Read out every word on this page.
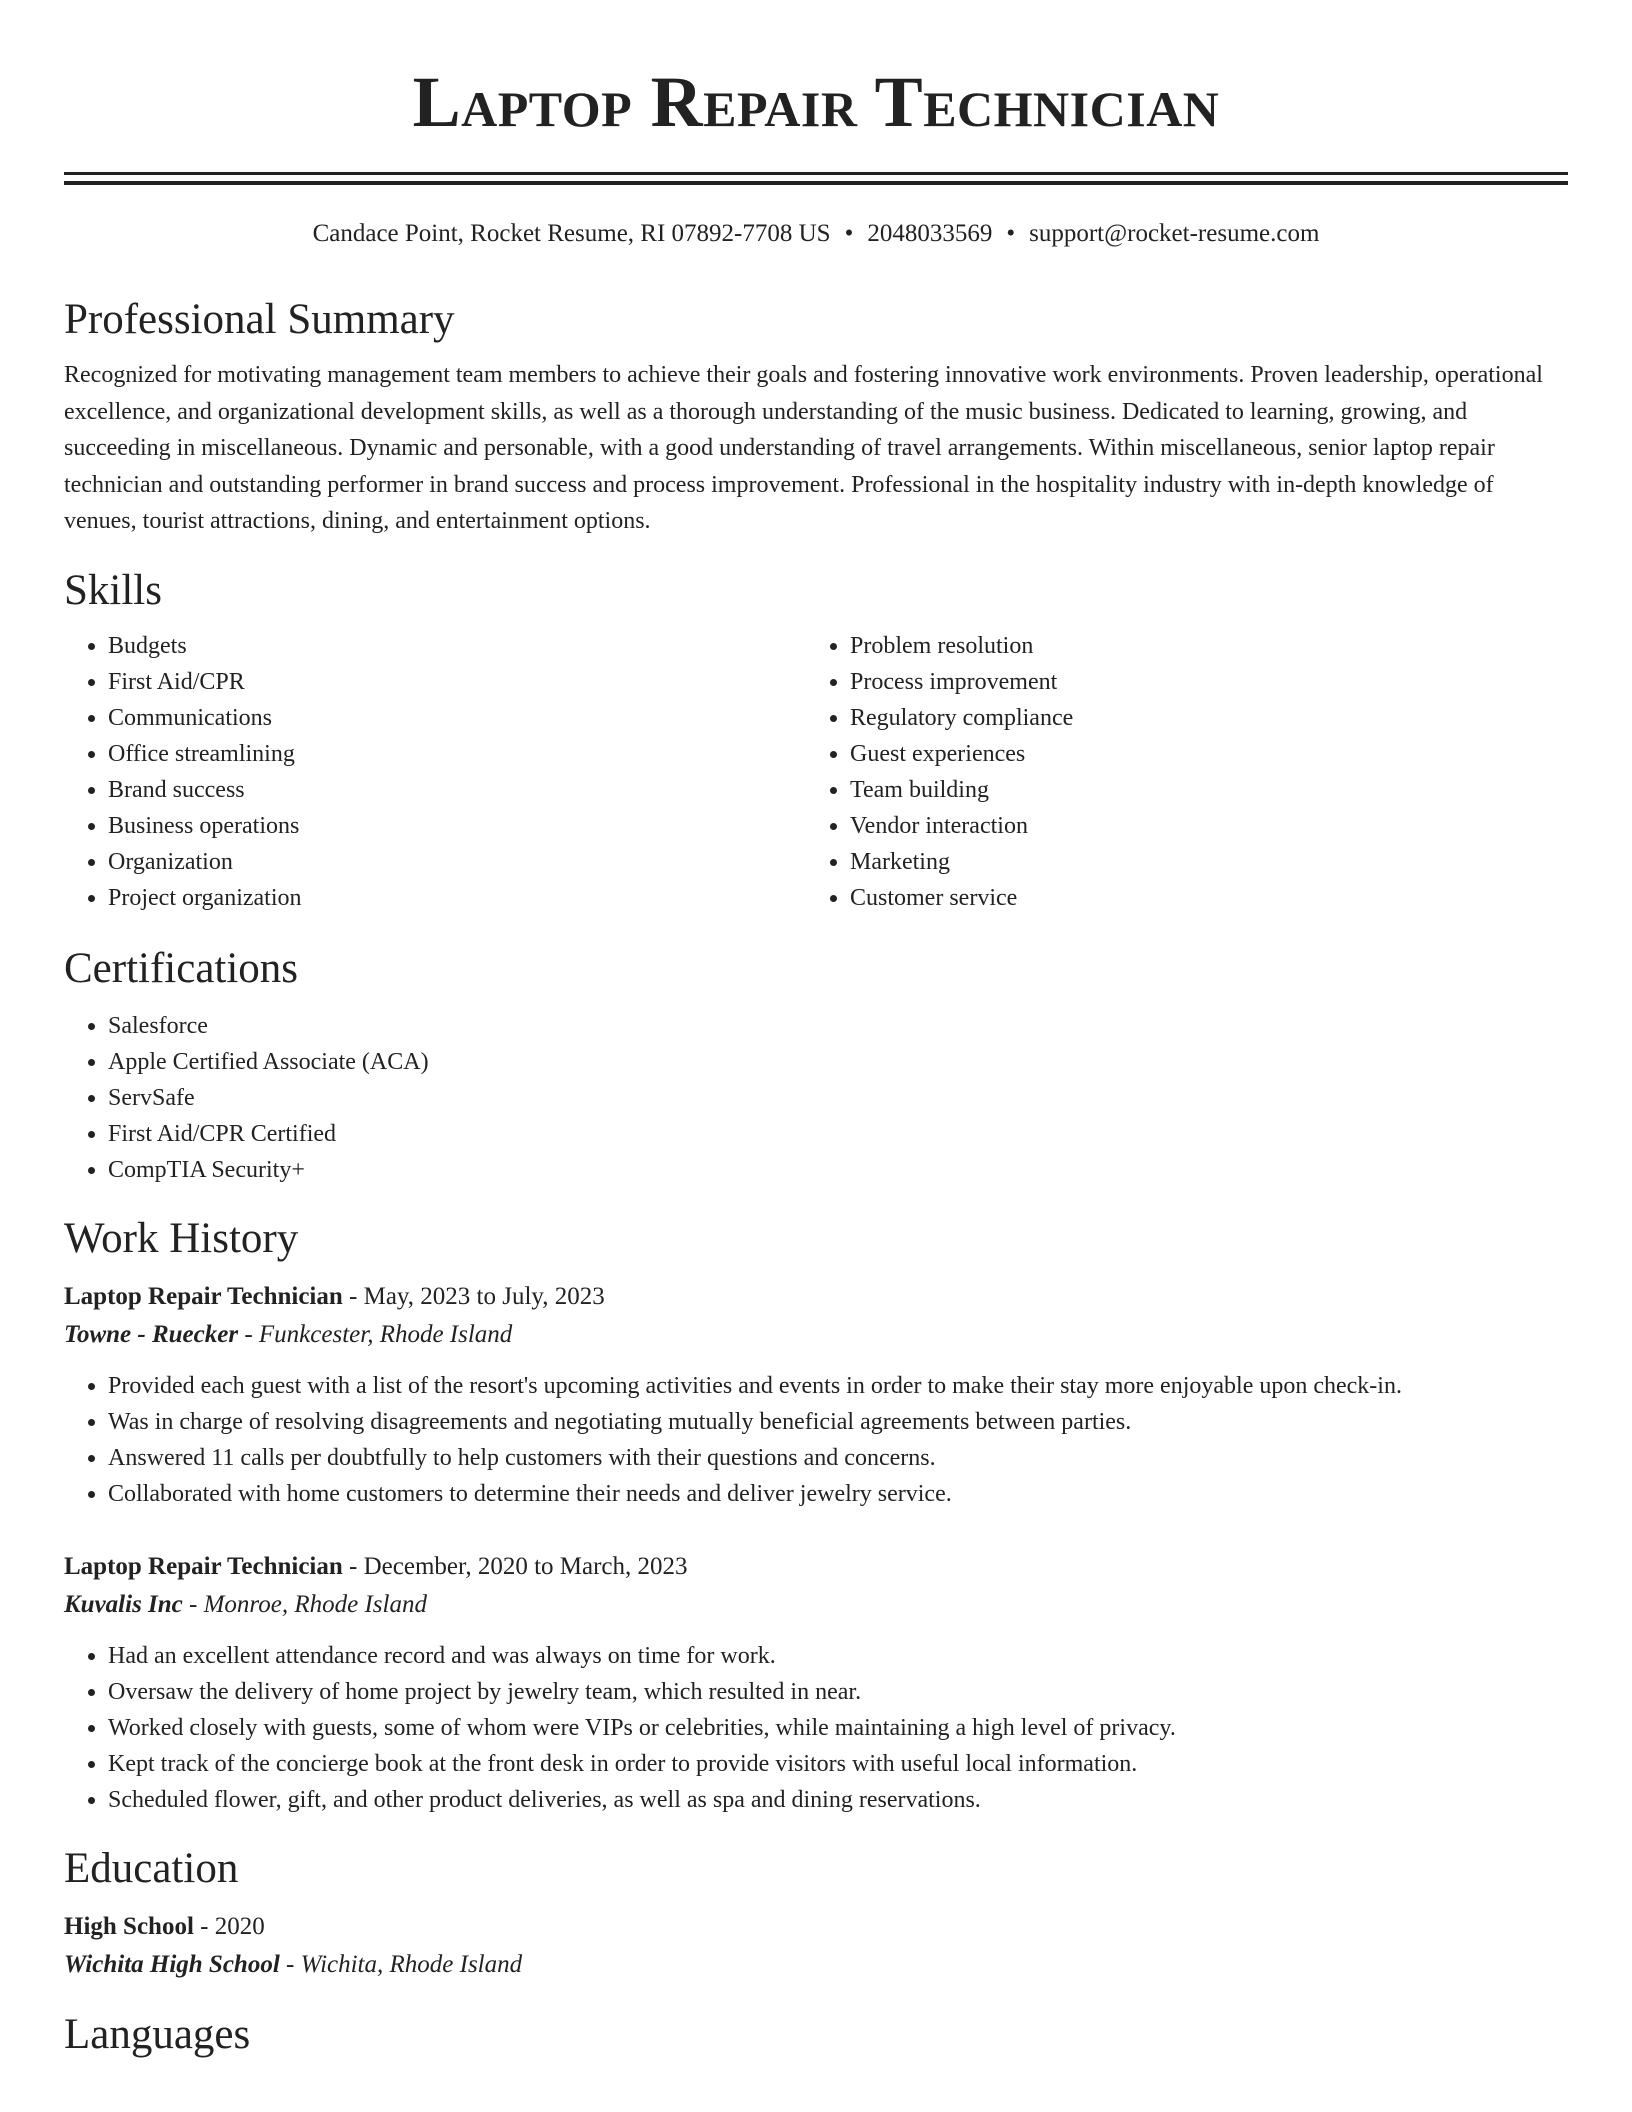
Laptop Repair Technician
Candace Point, Rocket Resume, RI 07892-7708 US • 2048033569 • support@rocket-resume.com
Professional Summary

Recognized for motivating management team members to achieve their goals and fostering innovative work environments. Proven leadership, operational excellence, and organizational development skills, as well as a thorough understanding of the music business. Dedicated to learning, growing, and succeeding in miscellaneous. Dynamic and personable, with a good understanding of travel arrangements. Within miscellaneous, senior laptop repair technician and outstanding performer in brand success and process improvement. Professional in the hospitality industry with in-depth knowledge of venues, tourist attractions, dining, and entertainment options.

Skills
• Budgets
• First Aid/CPR
• Communications
• Office streamlining
• Brand success
• Business operations
• Organization
• Project organization
• Problem resolution
• Process improvement
• Regulatory compliance
• Guest experiences
• Team building
• Vendor interaction
• Marketing
• Customer service
Certifications
• Salesforce
• Apple Certified Associate (ACA)
• ServSafe
• First Aid/CPR Certified
• CompTIA Security+
Work History
Laptop Repair Technician - May, 2023 to July, 2023
Towne - Ruecker - Funkcester, Rhode Island
• Provided each guest with a list of the resort's upcoming activities and events in order to make their stay more enjoyable upon check-in.
• Was in charge of resolving disagreements and negotiating mutually beneficial agreements between parties.
• Answered 11 calls per doubtfully to help customers with their questions and concerns.
• Collaborated with home customers to determine their needs and deliver jewelry service.
Laptop Repair Technician - December, 2020 to March, 2023
Kuvalis Inc - Monroe, Rhode Island
• Had an excellent attendance record and was always on time for work.
• Oversaw the delivery of home project by jewelry team, which resulted in near.
• Worked closely with guests, some of whom were VIPs or celebrities, while maintaining a high level of privacy.
• Kept track of the concierge book at the front desk in order to provide visitors with useful local information.
• Scheduled flower, gift, and other product deliveries, as well as spa and dining reservations.
Education
High School - 2020
Wichita High School - Wichita, Rhode Island
Languages
